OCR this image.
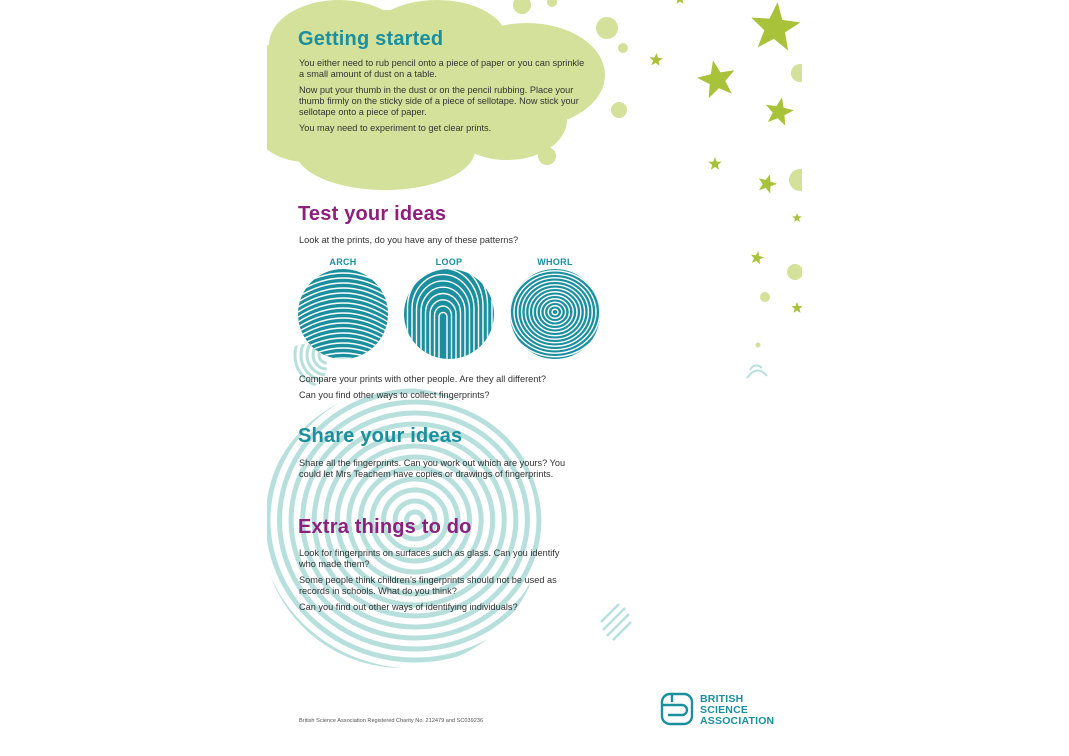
Getting started

You either need to rub pencil onto a piece of paper or you can sprinkle a small amount of dust on a table.

Now put your thumb in the dust or on the pencil rubbing. Place your thumb firmly on the sticky side of a piece of sellotape. Now stick your sellotape onto a piece of paper.

You may need to experiment to get clear prints.

Test your ideas
Look at the prints, do you have any of these patterns?
ARCH	LOOP	WHORL

Compare your prints with other people. Are they all different?

Can you find other ways to collect fingerprints?

Share your ideas

Share all the fingerprints. Can you work out which are yours? You could let Mrs Teachem have copies or drawings of fingerprints.

Extra things to do

Look for fingerprints on surfaces such as glass. Can you identify who made them?

Some people think children’s fingerprints should not be used as records in schools. What do you think?

Can you find out other ways of identifying individuals?

British Science Association Registered Charity No. 212479 and SC039236
BRITISH
SCIENCE
ASSOCIATION
